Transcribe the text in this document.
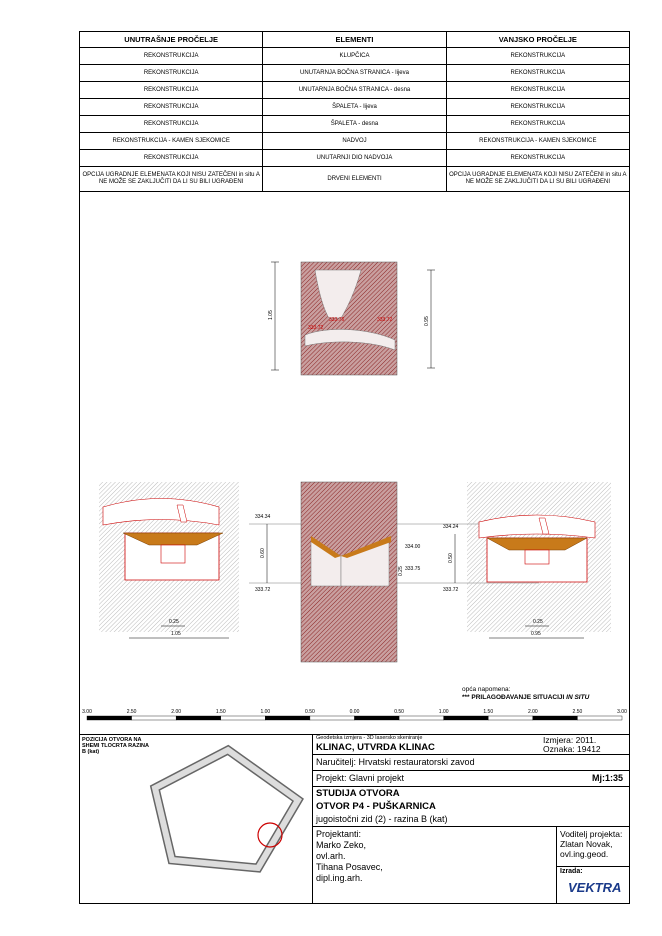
UNUTRAŠNJE PROČELJE	ELEMENTI	VANJSKO PROČELJE
REKONSTRUKCIJA	KLUPČICA	REKONSTRUKCIJA
REKONSTRUKCIJA	UNUTARNJA BOČNA STRANICA - lijeva	REKONSTRUKCIJA
REKONSTRUKCIJA	UNUTARNJA BOČNA STRANICA - desna	REKONSTRUKCIJA
REKONSTRUKCIJA	ŠPALETA - lijeva	REKONSTRUKCIJA
REKONSTRUKCIJA	ŠPALETA - desna	REKONSTRUKCIJA
REKONSTRUKCIJA - KAMEN SJEKOMICE	NADVOJ	REKONSTRUKCIJA - KAMEN SJEKOMICE
REKONSTRUKCIJA	UNUTARNJI DIO NADVOJA	REKONSTRUKCIJA
OPCIJA UGRADNJE ELEMENATA KOJI NISU ZATEČENI in situ A NE MOŽE SE ZAKLJUČITI DA LI SU BILI UGRAĐENI	DRVENI ELEMENTI	OPCIJA UGRADNJE ELEMENATA KOJI NISU ZATEČENI in situ A NE MOŽE SE ZAKLJUČITI DA LI SU BILI UGRAĐENI
1.05
0.95
333.76
333.72
333.72
334.34
333.72
0.60
0.25
1.05
334.00
333.75
0.25
334.24
333.72
0.50
0.25
0.95
opća napomena:
*** PRILAGOĐAVANJE SITUACIJI IN SITU
3.00	2.50	2.00	1.50	1.00	0.50	0.00	0.50	1.00	1.50	2.00	2.50	3.00
POZICIJA OTVORA NA SHEMI TLOCRTA RAZINA B (kat)
Geodetska izmjera - 3D lasersko skeniranje
KLINAC, UTVRDA KLINAC
Izmjera: 2011.
Oznaka: 19412
Naručitelj: Hrvatski restauratorski zavod
Projekt: Glavni projekt	Mj:1:35
STUDIJA OTVORA
OTVOR P4 - PUŠKARNICA
jugoistočni zid (2) - razina B (kat)
Projektanti:
Marko Zeko,
ovl.arh.
Tihana Posavec,
dipl.ing.arh.
Voditelj projekta:
Zlatan Novak,
ovl.ing.geod.
Izrada:
VEKTRA
